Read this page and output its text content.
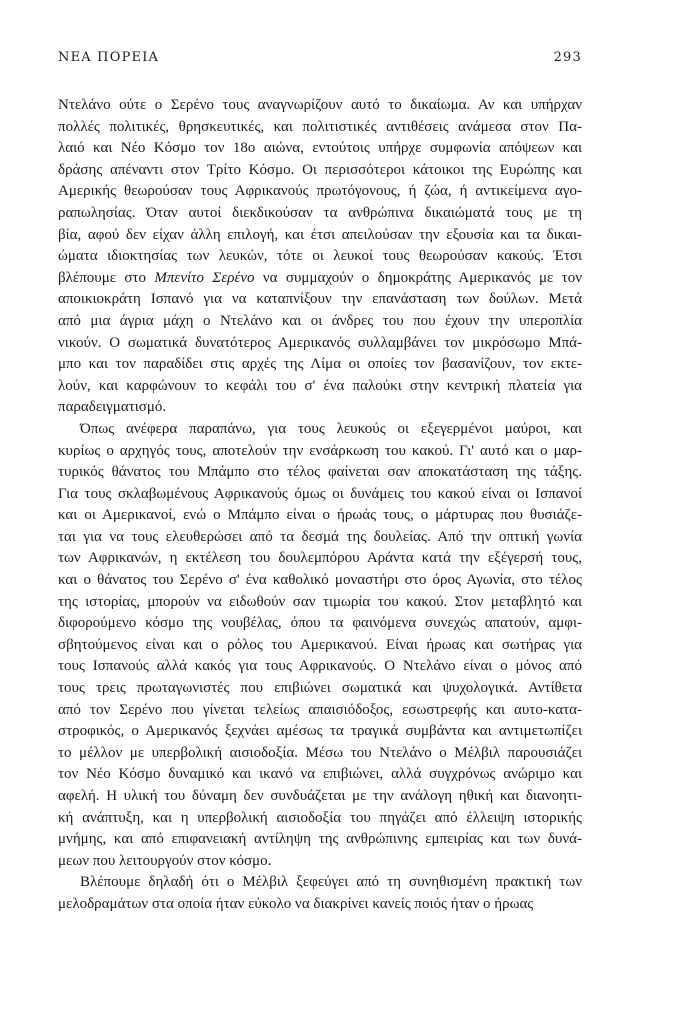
ΝΕΑ ΠΟΡΕΙΑ	293
Ντελάνο ούτε ο Σερένο τους αναγνωρίζουν αυτό το δικαίωμα. Αν και υπήρχαν
πολλές πολιτικές, θρησκευτικές, και πολιτιστικές αντιθέσεις ανάμεσα στον Πα-
λαιό και Νέο Κόσμο τον 18ο αιώνα, εντούτοις υπήρχε συμφωνία απόψεων και
δράσης απέναντι στον Τρίτο Κόσμο. Οι περισσότεροι κάτοικοι της Ευρώπης και
Αμερικής θεωρούσαν τους Αφρικανούς πρωτόγονους, ή ζώα, ή αντικείμενα αγο-
ραπωλησίας. Όταν αυτοί διεκδικούσαν τα ανθρώπινα δικαιώματά τους με τη
βία, αφού δεν είχαν άλλη επιλογή, και έτσι απειλούσαν την εξουσία και τα δικαι-
ώματα ιδιοκτησίας των λευκών, τότε οι λευκοί τους θεωρούσαν κακούς. Έτσι
βλέπουμε στο Μπενίτο Σερένο να συμμαχούν ο δημοκράτης Αμερικανός με τον
αποικιοκράτη Ισπανό για να καταπνίξουν την επανάσταση των δούλων. Μετά
από μια άγρια μάχη ο Ντελάνο και οι άνδρες του που έχουν την υπεροπλία
νικούν. Ο σωματικά δυνατότερος Αμερικανός συλλαμβάνει τον μικρόσωμο Μπά-
μπο και τον παραδίδει στις αρχές της Λίμα οι οποίες τον βασανίζουν, τον εκτε-
λούν, και καρφώνουν το κεφάλι του σ' ένα παλούκι στην κεντρική πλατεία για
παραδειγματισμό.
Όπως ανέφερα παραπάνω, για τους λευκούς οι εξεγερμένοι μαύροι, και
κυρίως ο αρχηγός τους, αποτελούν την ενσάρκωση του κακού. Γι' αυτό και ο μαρ-
τυρικός θάνατος του Μπάμπο στο τέλος φαίνεται σαν αποκατάσταση της τάξης.
Για τους σκλαβωμένους Αφρικανούς όμως οι δυνάμεις του κακού είναι οι Ισπανοί
και οι Αμερικανοί, ενώ ο Μπάμπο είναι ο ήρωάς τους, ο μάρτυρας που θυσιάζε-
ται για να τους ελευθερώσει από τα δεσμά της δουλείας. Από την οπτική γωνία
των Αφρικανών, η εκτέλεση του δουλεμπόρου Αράντα κατά την εξέγερσή τους,
και ο θάνατος του Σερένο σ' ένα καθολικό μοναστήρι στο όρος Αγωνία, στο τέλος
της ιστορίας, μπορούν να ειδωθούν σαν τιμωρία του κακού. Στον μεταβλητό και
διφορούμενο κόσμο της νουβέλας, όπου τα φαινόμενα συνεχώς απατούν, αμφι-
σβητούμενος είναι και ο ρόλος του Αμερικανού. Είναι ήρωας και σωτήρας για
τους Ισπανούς αλλά κακός για τους Αφρικανούς. Ο Ντελάνο είναι ο μόνος από
τους τρεις πρωταγωνιστές που επιβιώνει σωματικά και ψυχολογικά. Αντίθετα
από τον Σερένο που γίνεται τελείως απαισιόδοξος, εσωστρεφής και αυτο-κατα-
στροφικός, ο Αμερικανός ξεχνάει αμέσως τα τραγικά συμβάντα και αντιμετωπίζει
το μέλλον με υπερβολική αισιοδοξία. Μέσω του Ντελάνο ο Μέλβιλ παρουσιάζει
τον Νέο Κόσμο δυναμικό και ικανό να επιβιώνει, αλλά συγχρόνως ανώριμο και
αφελή. Η υλική του δύναμη δεν συνδυάζεται με την ανάλογη ηθική και διανοητι-
κή ανάπτυξη, και η υπερβολική αισιοδοξία του πηγάζει από έλλειψη ιστορικής
μνήμης, και από επιφανειακή αντίληψη της ανθρώπινης εμπειρίας και των δυνά-
μεων που λειτουργούν στον κόσμο.
Βλέπουμε δηλαδή ότι ο Μέλβιλ ξεφεύγει από τη συνηθισμένη πρακτική των
μελοδραμάτων στα οποία ήταν εύκολο να διακρίνει κανείς ποιός ήταν ο ήρωας
